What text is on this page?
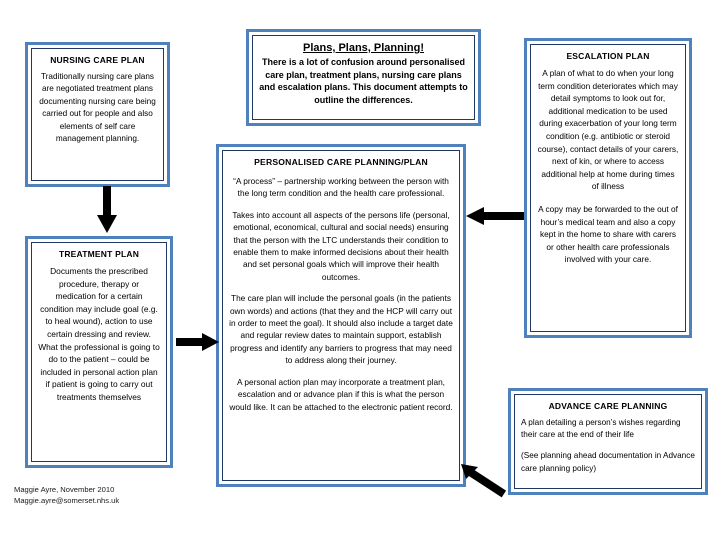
Plans, Plans, Planning!

There is a lot of confusion around personalised care plan, treatment plans, nursing care plans and escalation plans. This document attempts to outline the differences.

NURSING CARE PLAN

Traditionally nursing care plans are negotiated treatment plans documenting nursing care being carried out for people and also elements of self care management planning.

TREATMENT PLAN

Documents the prescribed procedure, therapy or medication for a certain condition may include goal (e.g. to heal wound), action to use certain dressing and review. What the professional is going to do to the patient – could be included in personal action plan if patient is going to carry out treatments themselves

PERSONALISED CARE PLANNING/PLAN

“A process” – partnership working between the person with the long term condition and the health care professional.

Takes into account all aspects of the persons life (personal, emotional, economical, cultural and social needs) ensuring that the person with the LTC understands their condition to enable them to make informed decisions about their health and set personal goals which will improve their health outcomes.

The care plan will include the personal goals (in the patients own words) and actions (that they and the HCP will carry out in order to meet the goal). It should also include a target date and regular review dates to maintain support, establish progress and identify any barriers to progress that may need to address along their journey.

A personal action plan may incorporate a treatment plan, escalation and or advance plan if this is what the person would like. It can be attached to the electronic patient record.

ESCALATION PLAN

A plan of what to do when your long term condition deteriorates which may detail symptoms to look out for, additional medication to be used during exacerbation of your long term condition (e.g. antibiotic or steroid course), contact details of your carers, next of kin, or where to access additional help at home during times of illness

A copy may be forwarded to the out of hour’s medical team and also a copy kept in the home to share with carers or other health care professionals involved with your care.

ADVANCE CARE PLANNING

A plan detailing a person’s wishes regarding their care at the end of their life

(See planning ahead documentation in Advance care planning policy)

Maggie Ayre, November 2010
Maggie.ayre@somerset.nhs.uk
